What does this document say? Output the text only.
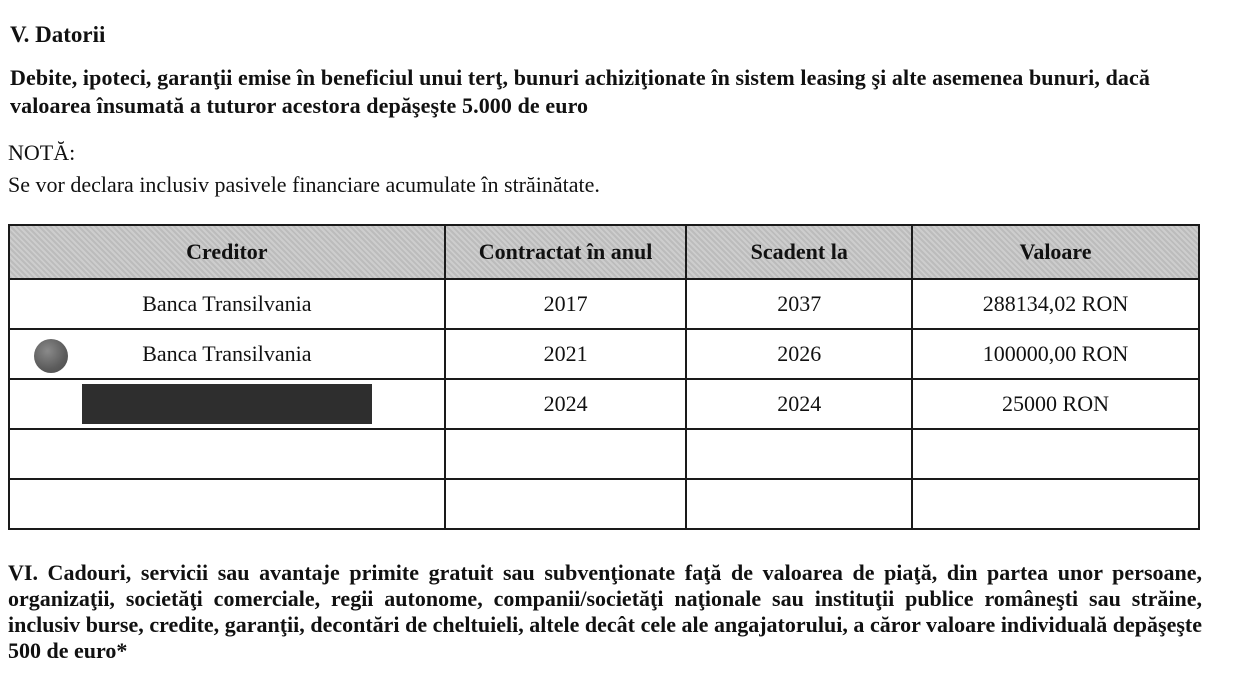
V. Datorii

Debite, ipoteci, garanţii emise în beneficiul unui terţ, bunuri achiziţionate în sistem leasing şi alte asemenea bunuri, dacă valoarea însumată a tuturor acestora depăşeşte 5.000 de euro

NOTĂ:

Se vor declara inclusiv pasivele financiare acumulate în străinătate.

Creditor	Contractat în anul	Scadent la	Valoare
Banca Transilvania	2017	2037	288134,02 RON

Banca Transilvania	2021	2026	100000,00 RON
	2024	2024	25000 RON

VI. Cadouri, servicii sau avantaje primite gratuit sau subvenţionate faţă de valoarea de piaţă, din partea unor persoane, organizaţii, societăţi comerciale, regii autonome, companii/societăţi naţionale sau instituţii publice româneşti sau străine, inclusiv burse, credite, garanţii, decontări de cheltuieli, altele decât cele ale angajatorului, a căror valoare individuală depăşeşte 500 de euro*
